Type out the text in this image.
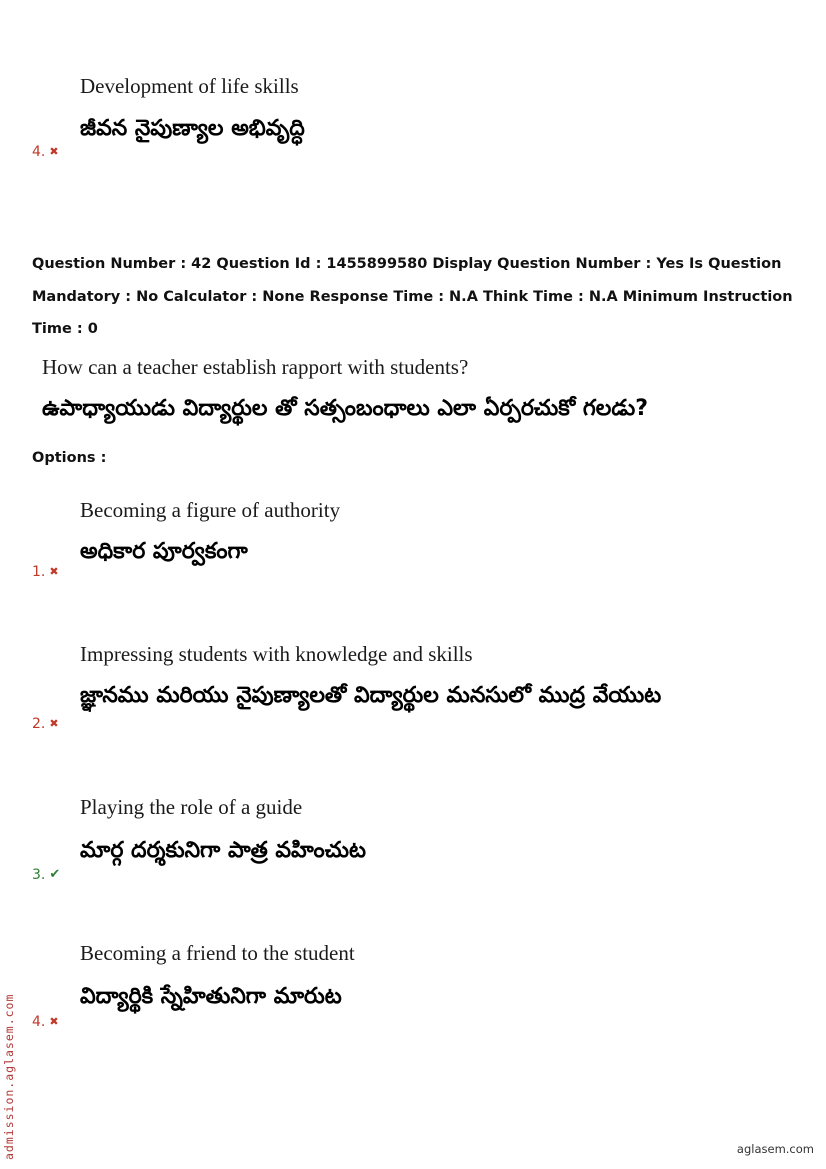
Development of life skills
జీవన నైపుణ్యాల అభివృద్ధి
4. ✖
Question Number : 42 Question Id : 1455899580 Display Question Number : Yes Is Question
Mandatory : No Calculator : None Response Time : N.A Think Time : N.A Minimum Instruction
Time : 0
How can a teacher establish rapport with students?
ఉపాధ్యాయుడు విద్యార్థుల తో సత్సంబంధాలు ఎలా ఏర్పరచుకో గలడు?
Options :
Becoming a figure of authority
అధికార పూర్వకంగా
1. ✖
Impressing students with knowledge and skills
జ్ఞానము మరియు నైపుణ్యాలతో విద్యార్థుల మనసులో ముద్ర వేయుట
2. ✖
Playing the role of a guide
మార్గ దర్శకునిగా పాత్ర వహించుట
3. ✔
Becoming a friend to the student
విద్యార్థికి స్నేహితునిగా మారుట
4. ✖
admission.aglasem.com	aglasem.com
